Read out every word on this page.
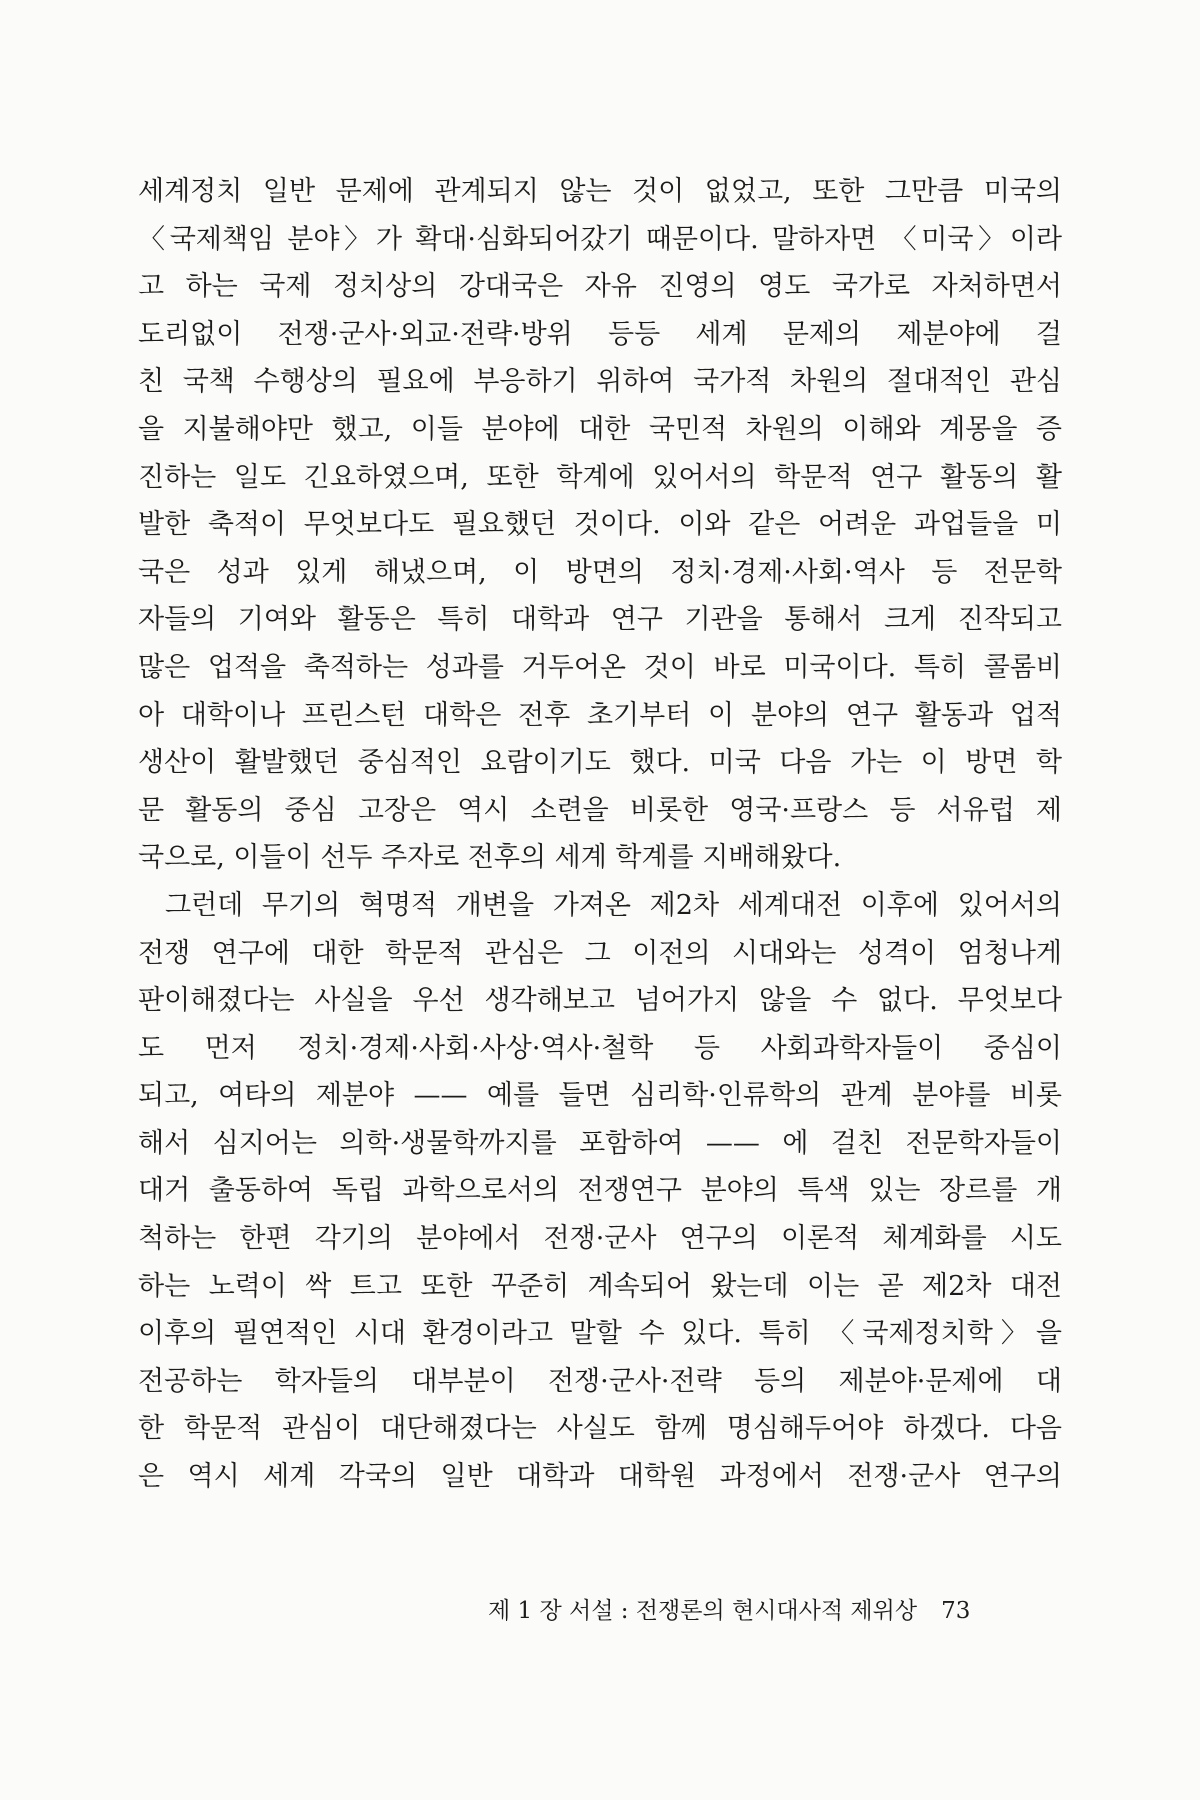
세계정치 일반 문제에 관계되지 않는 것이 없었고, 또한 그만큼 미국의
〈국제책임 분야〉가 확대·심화되어갔기 때문이다. 말하자면 〈미국〉이라
고 하는 국제 정치상의 강대국은 자유 진영의 영도 국가로 자처하면서
도리없이 전쟁·군사·외교·전략·방위 등등 세계 문제의 제분야에 걸
친 국책 수행상의 필요에 부응하기 위하여 국가적 차원의 절대적인 관심
을 지불해야만 했고, 이들 분야에 대한 국민적 차원의 이해와 계몽을 증
진하는 일도 긴요하였으며, 또한 학계에 있어서의 학문적 연구 활동의 활
발한 축적이 무엇보다도 필요했던 것이다. 이와 같은 어려운 과업들을 미
국은 성과 있게 해냈으며, 이 방면의 정치·경제·사회·역사 등 전문학
자들의 기여와 활동은 특히 대학과 연구 기관을 통해서 크게 진작되고
많은 업적을 축적하는 성과를 거두어온 것이 바로 미국이다. 특히 콜롬비
아 대학이나 프린스턴 대학은 전후 초기부터 이 분야의 연구 활동과 업적
생산이 활발했던 중심적인 요람이기도 했다. 미국 다음 가는 이 방면 학
문 활동의 중심 고장은 역시 소련을 비롯한 영국·프랑스 등 서유럽 제
국으로, 이들이 선두 주자로 전후의 세계 학계를 지배해왔다.
그런데 무기의 혁명적 개변을 가져온 제2차 세계대전 이후에 있어서의
전쟁 연구에 대한 학문적 관심은 그 이전의 시대와는 성격이 엄청나게
판이해졌다는 사실을 우선 생각해보고 넘어가지 않을 수 없다. 무엇보다
도 먼저 정치·경제·사회·사상·역사·철학 등 사회과학자들이 중심이
되고, 여타의 제분야 —— 예를 들면 심리학·인류학의 관계 분야를 비롯
해서 심지어는 의학·생물학까지를 포함하여 —— 에 걸친 전문학자들이
대거 출동하여 독립 과학으로서의 전쟁연구 분야의 특색 있는 장르를 개
척하는 한편 각기의 분야에서 전쟁·군사 연구의 이론적 체계화를 시도
하는 노력이 싹 트고 또한 꾸준히 계속되어 왔는데 이는 곧 제2차 대전
이후의 필연적인 시대 환경이라고 말할 수 있다. 특히 〈국제정치학〉을
전공하는 학자들의 대부분이 전쟁·군사·전략 등의 제분야·문제에 대
한 학문적 관심이 대단해졌다는 사실도 함께 명심해두어야 하겠다. 다음
은 역시 세계 각국의 일반 대학과 대학원 과정에서 전쟁·군사 연구의
제 1 장 서설 : 전쟁론의 현시대사적 제위상 73
